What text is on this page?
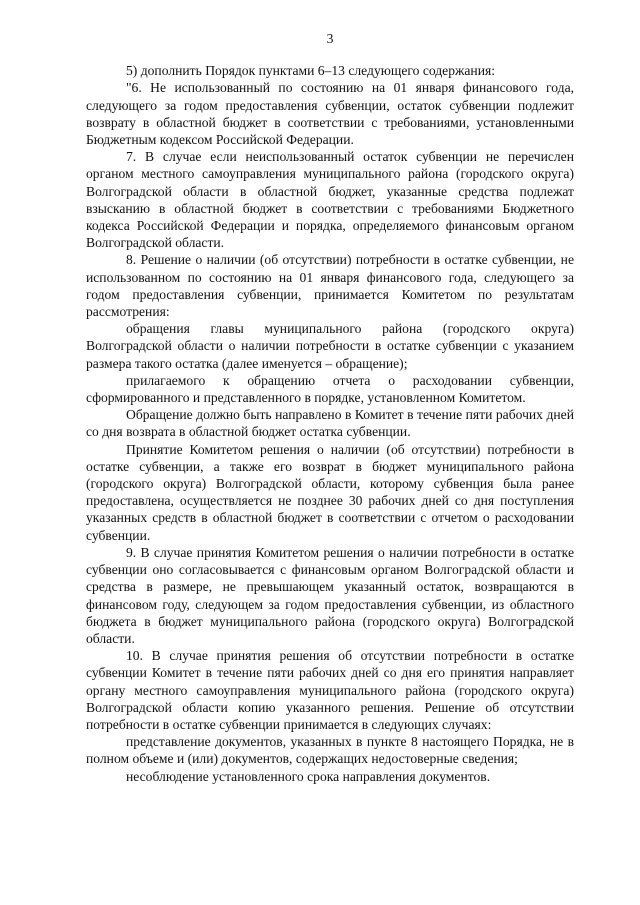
3

5) дополнить Порядок пунктами 6–13 следующего содержания:

"6. Не использованный по состоянию на 01 января финансового года, следующего за годом предоставления субвенции, остаток субвенции подлежит возврату в областной бюджет в соответствии с требованиями, установленными Бюджетным кодексом Российской Федерации.

7. В случае если неиспользованный остаток субвенции не перечислен органом местного самоуправления муниципального района (городского округа) Волгоградской области в областной бюджет, указанные средства подлежат взысканию в областной бюджет в соответствии с требованиями Бюджетного кодекса Российской Федерации и порядка, определяемого финансовым органом Волгоградской области.

8. Решение о наличии (об отсутствии) потребности в остатке субвенции, не использованном по состоянию на 01 января финансового года, следующего за годом предоставления субвенции, принимается Комитетом по результатам рассмотрения:

обращения главы муниципального района (городского округа) Волгоградской области о наличии потребности в остатке субвенции с указанием размера такого остатка (далее именуется – обращение);

прилагаемого к обращению отчета о расходовании субвенции, сформированного и представленного в порядке, установленном Комитетом.

Обращение должно быть направлено в Комитет в течение пяти рабочих дней со дня возврата в областной бюджет остатка субвенции.

Принятие Комитетом решения о наличии (об отсутствии) потребности в остатке субвенции, а также его возврат в бюджет муниципального района (городского округа) Волгоградской области, которому субвенция была ранее предоставлена, осуществляется не позднее 30 рабочих дней со дня поступления указанных средств в областной бюджет в соответствии с отчетом о расходовании субвенции.

9. В случае принятия Комитетом решения о наличии потребности в остатке субвенции оно согласовывается с финансовым органом Волгоградской области и средства в размере, не превышающем указанный остаток, возвращаются в финансовом году, следующем за годом предоставления субвенции, из областного бюджета в бюджет муниципального района (городского округа) Волгоградской области.

10. В случае принятия решения об отсутствии потребности в остатке субвенции Комитет в течение пяти рабочих дней со дня его принятия направляет органу местного самоуправления муниципального района (городского округа) Волгоградской области копию указанного решения. Решение об отсутствии потребности в остатке субвенции принимается в следующих случаях:

представление документов, указанных в пункте 8 настоящего Порядка, не в полном объеме и (или) документов, содержащих недостоверные сведения;

несоблюдение установленного срока направления документов.
